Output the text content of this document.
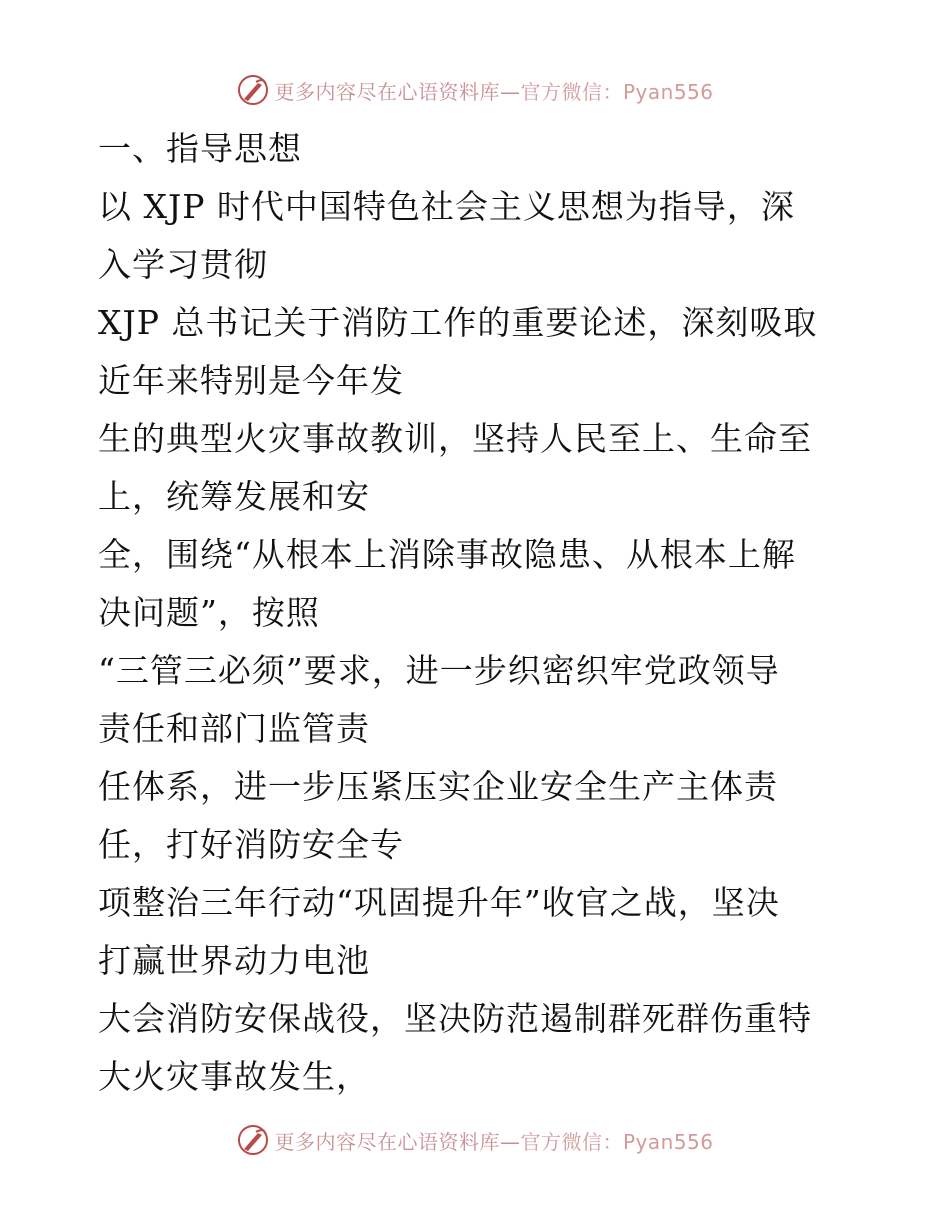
更多内容尽在心语资料库—官方微信：Pyan556
一、指导思想
以 XJP 时代中国特色社会主义思想为指导，深
入学习贯彻
XJP 总书记关于消防工作的重要论述，深刻吸取
近年来特别是今年发
生的典型火灾事故教训，坚持人民至上、生命至
上，统筹发展和安
全，围绕“从根本上消除事故隐患、从根本上解
决问题”，按照
“三管三必须”要求，进一步织密织牢党政领导
责任和部门监管责
任体系，进一步压紧压实企业安全生产主体责
任，打好消防安全专
项整治三年行动“巩固提升年”收官之战，坚决
打赢世界动力电池
大会消防安保战役，坚决防范遏制群死群伤重特
大火灾事故发生，
更多内容尽在心语资料库—官方微信：Pyan556
